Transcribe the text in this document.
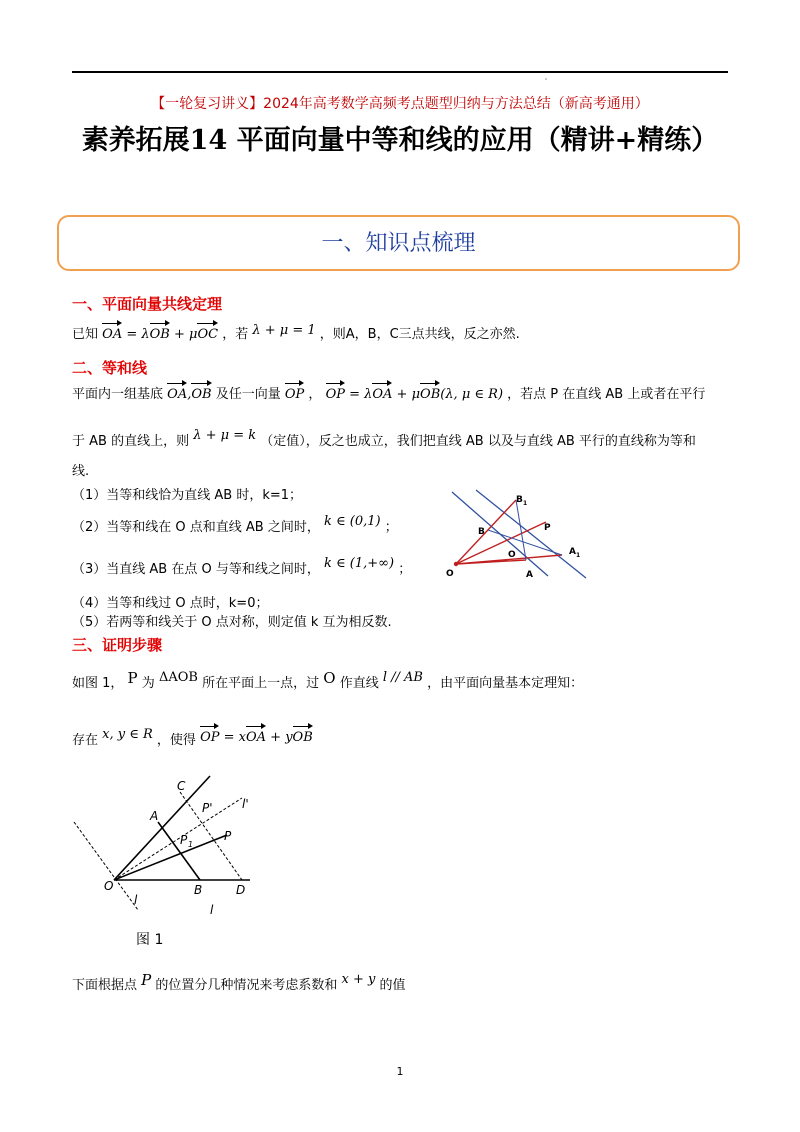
【一轮复习讲义】2024年高考数学高频考点题型归纳与方法总结（新高考通用）
素养拓展14 平面向量中等和线的应用（精讲+精练）
一、知识点梳理
一、平面向量共线定理
已知 OA = λOB + μOC ，若 λ + μ = 1 ，则A，B，C三点共线，反之亦然.
二、等和线
平面内一组基底 OA,OB 及任一向量 OP ， OP = λOA + μOB(λ, μ ∈ R) ，若点 P 在直线 AB 上或者在平行
于 AB 的直线上，则 λ + μ = k （定值），反之也成立，我们把直线 AB 以及与直线 AB 平行的直线称为等和
线.
（1）当等和线恰为直线 AB 时，k=1；
（2）当等和线在 O 点和直线 AB 之间时， k ∈ (0,1) ；
（3）当直线 AB 在点 O 与等和线之间时， k ∈ (1,+∞) ；
（4）当等和线过 O 点时，k=0；
（5）若两等和线关于 O 点对称，则定值 k 互为相反数.
O
B
A
O
P
B 1
A 1
三、证明步骤
如图 1， P 为 ΔAOB 所在平面上一点，过 O 作直线 l // AB ，由平面向量基本定理知：
存在 x, y ∈ R ，使得 OP = xOA + yOB
C
A
P 1
P'
P
l'
O	B	D
l
l
图 1
下面根据点 P 的位置分几种情况来考虑系数和 x + y 的值
1
